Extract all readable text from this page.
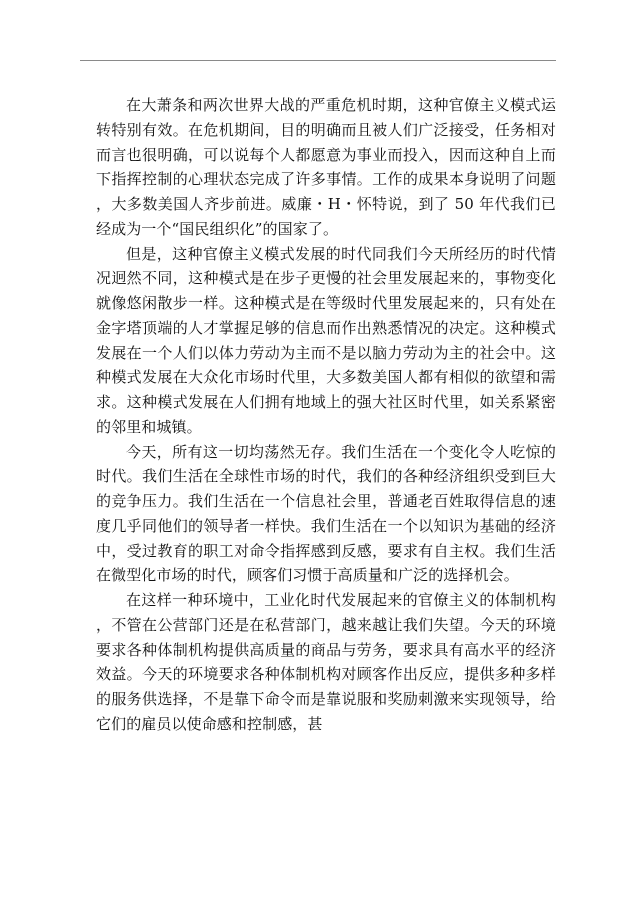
在大萧条和两次世界大战的严重危机时期，这种官僚主义模式运转特别有效。在危机期间，目的明确而且被人们广泛接受，任务相对而言也很明确，可以说每个人都愿意为事业而投入，因而这种自上而下指挥控制的心理状态完成了许多事情。工作的成果本身说明了问题，大多数美国人齐步前进。威廉・H・怀特说，到了 50 年代我们已经成为一个“国民组织化”的国家了。

但是，这种官僚主义模式发展的时代同我们今天所经历的时代情况迥然不同，这种模式是在步子更慢的社会里发展起来的，事物变化就像悠闲散步一样。这种模式是在等级时代里发展起来的，只有处在金字塔顶端的人才掌握足够的信息而作出熟悉情况的决定。这种模式发展在一个人们以体力劳动为主而不是以脑力劳动为主的社会中。这种模式发展在大众化市场时代里，大多数美国人都有相似的欲望和需求。这种模式发展在人们拥有地域上的强大社区时代里，如关系紧密的邻里和城镇。

今天，所有这一切均荡然无存。我们生活在一个变化令人吃惊的时代。我们生活在全球性市场的时代，我们的各种经济组织受到巨大的竞争压力。我们生活在一个信息社会里，普通老百姓取得信息的速度几乎同他们的领导者一样快。我们生活在一个以知识为基础的经济中，受过教育的职工对命令指挥感到反感，要求有自主权。我们生活在微型化市场的时代，顾客们习惯于高质量和广泛的选择机会。

在这样一种环境中，工业化时代发展起来的官僚主义的体制机构，不管在公营部门还是在私营部门，越来越让我们失望。今天的环境要求各种体制机构提供高质量的商品与劳务，要求具有高水平的经济效益。今天的环境要求各种体制机构对顾客作出反应，提供多种多样的服务供选择，不是靠下命令而是靠说服和奖励刺激来实现领导，给它们的雇员以使命感和控制感，甚
